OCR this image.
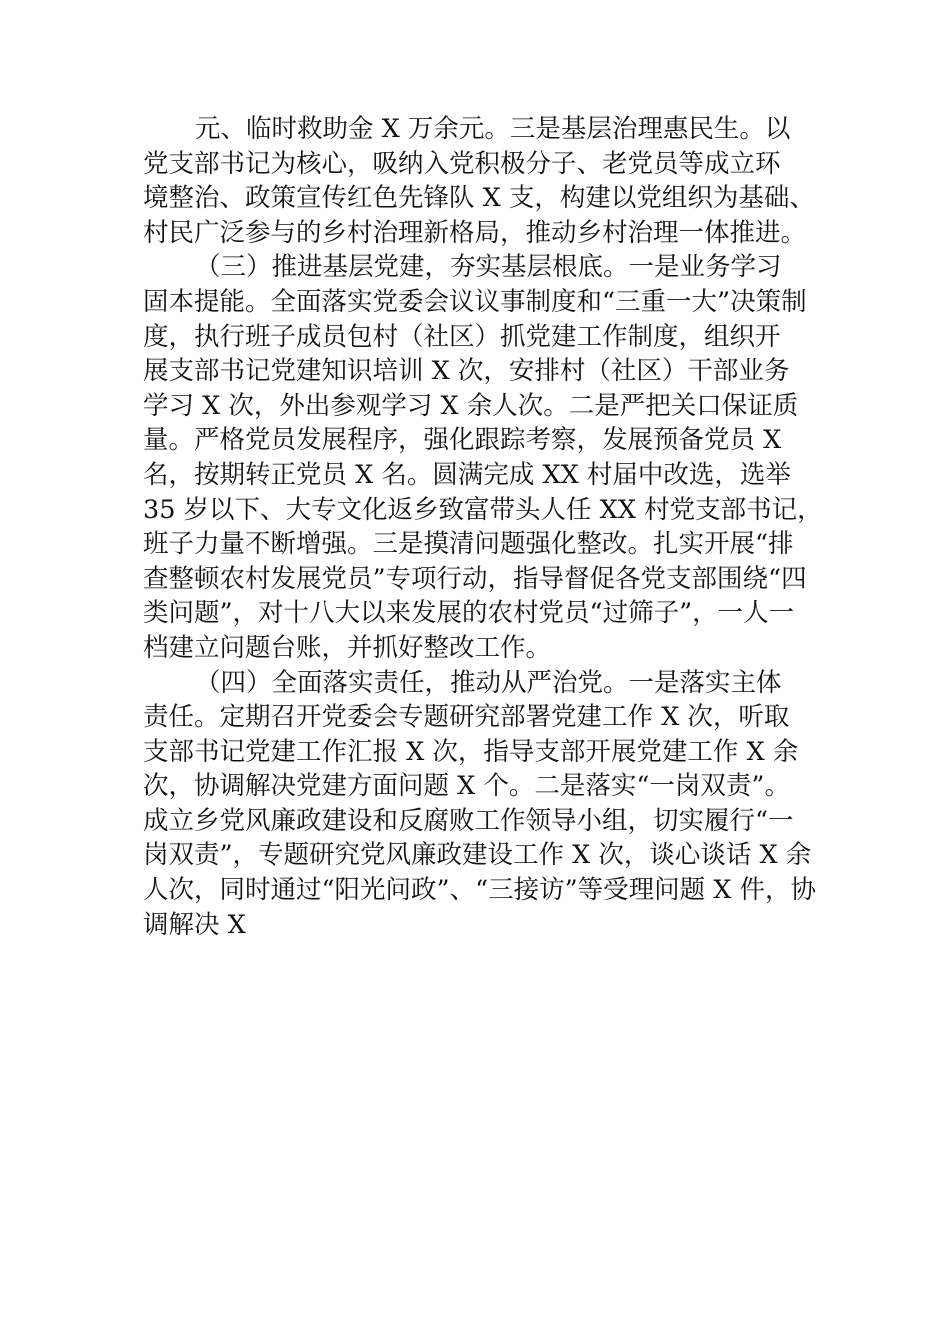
元、临时救助金 X 万余元。三是基层治理惠民生。以
党支部书记为核心，吸纳入党积极分子、老党员等成立环
境整治、政策宣传红色先锋队 X 支，构建以党组织为基础、
村民广泛参与的乡村治理新格局，推动乡村治理一体推进。
（三）推进基层党建，夯实基层根底。一是业务学习
固本提能。全面落实党委会议议事制度和“三重一大”决策制
度，执行班子成员包村（社区）抓党建工作制度，组织开
展支部书记党建知识培训 X 次，安排村（社区）干部业务
学习 X 次，外出参观学习 X 余人次。二是严把关口保证质
量。严格党员发展程序，强化跟踪考察，发展预备党员 X
名，按期转正党员 X 名。圆满完成 XX 村届中改选，选举
35 岁以下、大专文化返乡致富带头人任 XX 村党支部书记，
班子力量不断增强。三是摸清问题强化整改。扎实开展“排
查整顿农村发展党员”专项行动，指导督促各党支部围绕“四
类问题”，对十八大以来发展的农村党员“过筛子”，一人一
档建立问题台账，并抓好整改工作。
（四）全面落实责任，推动从严治党。一是落实主体
责任。定期召开党委会专题研究部署党建工作 X 次，听取
支部书记党建工作汇报 X 次，指导支部开展党建工作 X 余
次，协调解决党建方面问题 X 个。二是落实“一岗双责”。
成立乡党风廉政建设和反腐败工作领导小组，切实履行“一
岗双责”，专题研究党风廉政建设工作 X 次，谈心谈话 X 余
人次，同时通过“阳光问政”、“三接访”等受理问题 X 件，协
调解决 X
